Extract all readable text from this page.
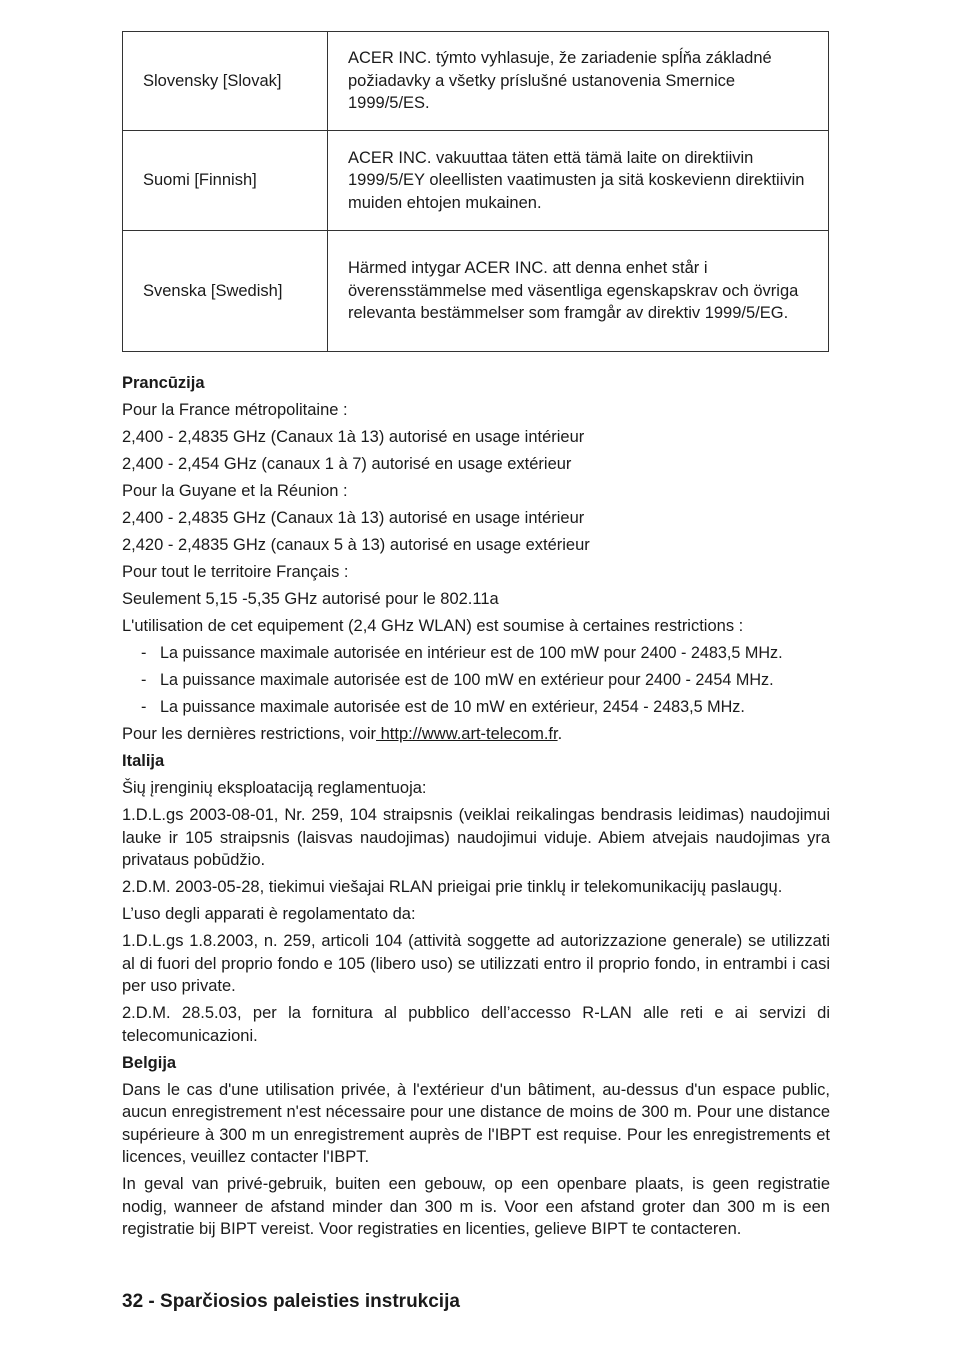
Slovensky [Slovak]	ACER INC. týmto vyhlasuje, že zariadenie spĺňa základné požiadavky a všetky príslušné ustanovenia Smernice 1999/5/ES.
Suomi [Finnish]	ACER INC. vakuuttaa täten että tämä laite on direktiivin 1999/5/EY oleellisten vaatimusten ja sitä koskevienn direktiivin muiden ehtojen mukainen.
Svenska [Swedish]	Härmed intygar ACER INC. att denna enhet står i överensstämmelse med väsentliga egenskapskrav och övriga relevanta bestämmelser som framgår av direktiv 1999/5/EG.
Prancūzija
Pour la France métropolitaine :
2,400 - 2,4835 GHz (Canaux 1à 13) autorisé en usage intérieur
2,400 - 2,454 GHz (canaux 1 à 7) autorisé en usage extérieur
Pour la Guyane et la Réunion :
2,400 - 2,4835 GHz (Canaux 1à 13) autorisé en usage intérieur
2,420 - 2,4835 GHz (canaux 5 à 13) autorisé en usage extérieur
Pour tout le territoire Français :
Seulement 5,15 -5,35 GHz autorisé pour le 802.11a
L'utilisation de cet equipement (2,4 GHz WLAN) est soumise à certaines restrictions :
- La puissance maximale autorisée en intérieur est de 100 mW pour 2400 - 2483,5 MHz.
- La puissance maximale autorisée est de 100 mW en extérieur pour 2400 - 2454 MHz.
- La puissance maximale autorisée est de 10 mW en extérieur, 2454 - 2483,5 MHz.
Pour les dernières restrictions, voir http://www.art-telecom.fr.
Italija
Šių įrenginių eksploataciją reglamentuoja:
1.D.L.gs 2003-08-01, Nr. 259, 104 straipsnis (veiklai reikalingas bendrasis leidimas) naudojimui lauke ir 105 straipsnis (laisvas naudojimas) naudojimui viduje. Abiem atvejais naudojimas yra privataus pobūdžio.
2.D.M. 2003-05-28, tiekimui viešajai RLAN prieigai prie tinklų ir telekomunikacijų paslaugų.
L’uso degli apparati è regolamentato da:
1.D.L.gs 1.8.2003, n. 259, articoli 104 (attività soggette ad autorizzazione generale) se utilizzati al di fuori del proprio fondo e 105 (libero uso) se utilizzati entro il proprio fondo, in entrambi i casi per uso private.
2.D.M. 28.5.03, per la fornitura al pubblico dell’accesso R-LAN alle reti e ai servizi di telecomunicazioni.
Belgija
Dans le cas d'une utilisation privée, à l'extérieur d'un bâtiment, au-dessus d'un espace public, aucun enregistrement n'est nécessaire pour une distance de moins de 300 m. Pour une distance supérieure à 300 m un enregistrement auprès de l'IBPT est requise. Pour les enregistrements et licences, veuillez contacter l'IBPT.
In geval van privé-gebruik, buiten een gebouw, op een openbare plaats, is geen registratie nodig, wanneer de afstand minder dan 300 m is. Voor een afstand groter dan 300 m is een registratie bij BIPT vereist. Voor registraties en licenties, gelieve BIPT te contacteren.
32 - Sparčiosios paleisties instrukcija
